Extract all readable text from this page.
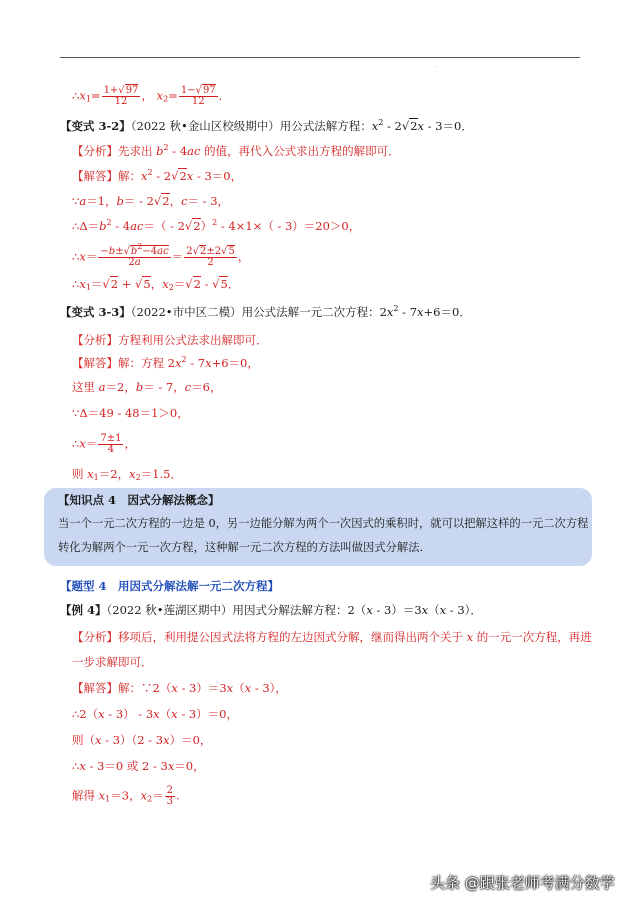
·
$\therefore x_1= \frac{1+√97}{12}$ ， $x_2= \frac{1-√97}{12}$ ．
【变式 3-2】（2022 秋•金山区校级期中）用公式法解方程：$x^2 - 2√2x - 3=0$．
【分析】先求出 $b^2 - 4ac$ 的值，再代入公式求出方程的解即可．
【解答】解：$x^2 - 2√2x - 3=0$，
∵a＝1，b＝ - 2√2，c＝ - 3，
$\therefore\Delta=b^2 - 4ac=( - 2√2)^2 - 4\times 1\times( - 3)=20>0$，
∴x＝ $\frac{-b\pm√b^2-4ac}{2a} = \frac{2√2\pm 2√5}{2}$ ，
$\therefore x_1=√2 + √5$，$x_2=√2 - √5$．
【变式 3-3】（2022•市中区二模）用公式法解一元二次方程：$2x^2 - 7x+6=0$．
【分析】方程利用公式法求出解即可．
【解答】解：方程 $2x^2 - 7x+6=0$，
这里 a＝2，b＝ - 7，c＝6，
∵Δ＝49 - 48＝1＞0，
∴x＝ $\frac{7\pm 1}{4}$ ，
则 $x_1=2$，$x_2=1.5$．
【知识点 4　因式分解法概念】
当一个一元二次方程的一边是 0，另一边能分解为两个一次因式的乘积时，就可以把解这样的一元二次方程
转化为解两个一元一次方程，这种解一元二次方程的方法叫做因式分解法.
【题型 4　用因式分解法解一元二次方程】
【例 4】（2022 秋•莲湖区期中）用因式分解法解方程：2（x - 3）＝3x（x - 3）．
【分析】移项后，利用提公因式法将方程的左边因式分解，继而得出两个关于 x 的一元一次方程，再进
一步求解即可．
【解答】解：∵2（x - 3）＝3x（x - 3），
∴2（x - 3） - 3x（x - 3）＝0，
则（x - 3）（2 - 3x）＝0，
∴x - 3＝0 或 2 - 3x＝0，
解得 $x_1=3$，$x_2= \frac{2}{3}$ .
头条 @跟张老师考满分数学
